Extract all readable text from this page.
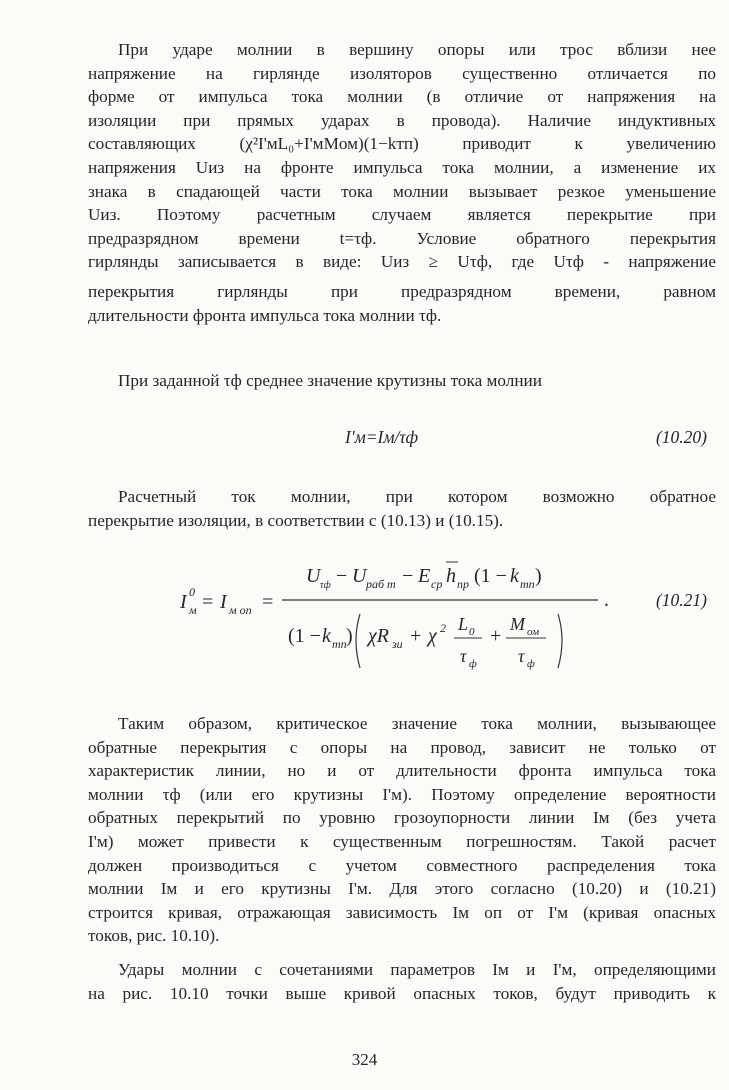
При ударе молнии в вершину опоры или трос вблизи нее
напряжение на гирлянде изоляторов существенно отличается по
форме от импульса тока молнии (в отличие от напряжения на
изоляции при прямых ударах в провода). Наличие индуктивных
составляющих (χ²I'мL₀+I'мMом)(1−kтп) приводит к увеличению
напряжения Uиз на фронте импульса тока молнии, а изменение их
знака в спадающей части тока молнии вызывает резкое уменьшение
Uиз. Поэтому расчетным случаем является перекрытие при
предразрядном времени t=τф. Условие обратного перекрытия
гирлянды записывается в виде: Uиз ≥ Uτф, где Uτф - напряжение
перекрытия гирлянды при предразрядном времени, равном
длительности фронта импульса тока молнии τф.
При заданной τф среднее значение крутизны тока молнии
I'м=Iм/τф	(10.20)
Расчетный ток молнии, при котором возможно обратное
перекрытие изоляции, в соответствии с (10.13) и (10.15).
I м
0 = I м оп =
U τф − U раб т − E ср h пр (1 − k тп )
.
(1 − k тп ) χR зи + χ 2 L 0
τ ф
+
M ом
τ ф
(10.21)
Таким образом, критическое значение тока молнии, вызывающее
обратные перекрытия с опоры на провод, зависит не только от
характеристик линии, но и от длительности фронта импульса тока
молнии τф (или его крутизны I'м). Поэтому определение вероятности
обратных перекрытий по уровню грозоупорности линии Iм (без учета
I'м) может привести к существенным погрешностям. Такой расчет
должен производиться с учетом совместного распределения тока
молнии Iм и его крутизны I'м. Для этого согласно (10.20) и (10.21)
строится кривая, отражающая зависимость Iм оп от I'м (кривая опасных
токов, рис. 10.10).
Удары молнии с сочетаниями параметров Iм и I'м, определяющими
на рис. 10.10 точки выше кривой опасных токов, будут приводить к
324
